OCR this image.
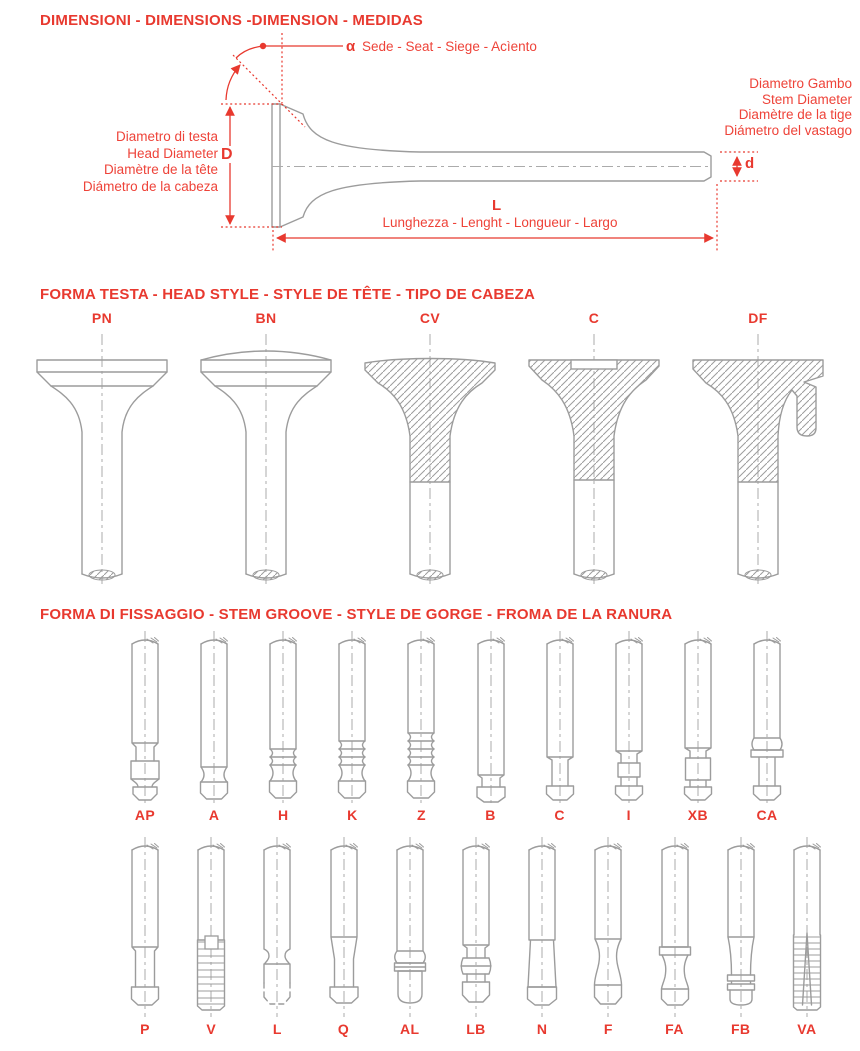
DIMENSIONI - DIMENSIONS -DIMENSION - MEDIDAS
α Sede - Seat - Siege - Acìento
Diametro di testa
Head Diameter
Diamètre de la tête
Diámetro de la cabeza
D
Diametro Gambo
Stem Diameter
Diamètre de la tige
Diámetro del vastago
d
L
Lunghezza - Lenght - Longueur - Largo
FORMA TESTA - HEAD STYLE - STYLE DE TÊTE - TIPO DE CABEZA
PN	BN	CV	C	DF
FORMA DI FISSAGGIO - STEM GROOVE - STYLE DE GORGE - FROMA DE LA RANURA
AP	A	H	K	Z	B	C	I	XB	CA
P	V	L	Q	AL	LB	N	F	FA	FB	VA
